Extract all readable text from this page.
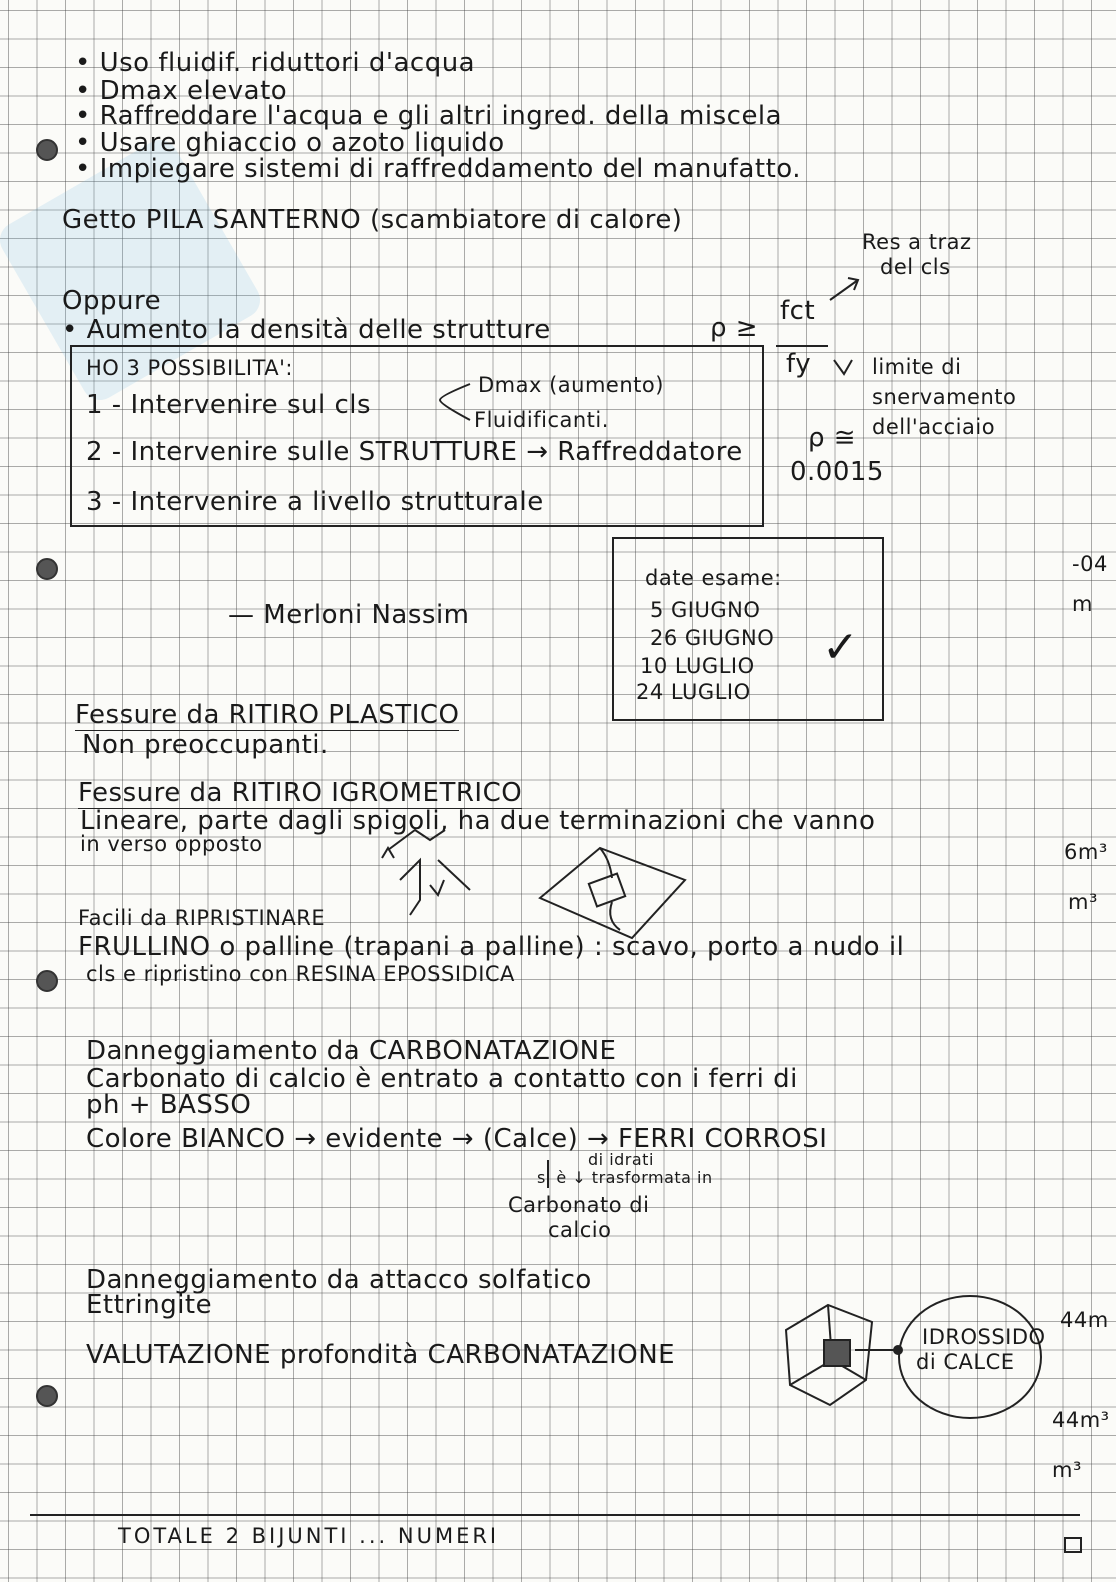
• Uso fluidif. riduttori d'acqua
• Dmax elevato
• Raffreddare l'acqua e gli altri ingred. della miscela
• Usare ghiaccio o azoto liquido
• Impiegare sistemi di raffreddamento del manufatto.
Getto PILA SANTERNO (scambiatore di calore)
Res a traz
del cls
Oppure
• Aumento la densità delle strutture	ρ ≥
fct
fy	limite di
snervamento
dell'acciaio
ρ ≅
0.0015
HO 3 POSSIBILITA':
1 - Intervenire sul cls
Dmax (aumento)
Fluidificanti.
2 - Intervenire sulle STRUTTURE → Raffreddatore
3 - Intervenire a livello strutturale
— Merloni Nassim
date esame:
5 GIUGNO
26 GIUGNO
10 LUGLIO
24 LUGLIO
✓
Fessure da RITIRO PLASTICO
Non preoccupanti.
Fessure da RITIRO IGROMETRICO
Lineare, parte dagli spigoli, ha due terminazioni che vanno
in verso opposto
Facili da RIPRISTINARE
FRULLINO o palline (trapani a palline) : scavo, porto a nudo il
cls e ripristino con RESINA EPOSSIDICA
Danneggiamento da CARBONATAZIONE
Carbonato di calcio è entrato a contatto con i ferri di
ph + BASSO
Colore BIANCO → evidente → (Calce) → FERRI CORROSI
di idrati
si è ↓ trasformata in
Carbonato di
calcio
Danneggiamento da attacco solfatico
Ettringite
VALUTAZIONE profondità CARBONATAZIONE
IDROSSIDO
di CALCE
-04
m
6m³
m³
44m
44m³
m³
TOTALE 2 BIJUNTI ... NUMERI
